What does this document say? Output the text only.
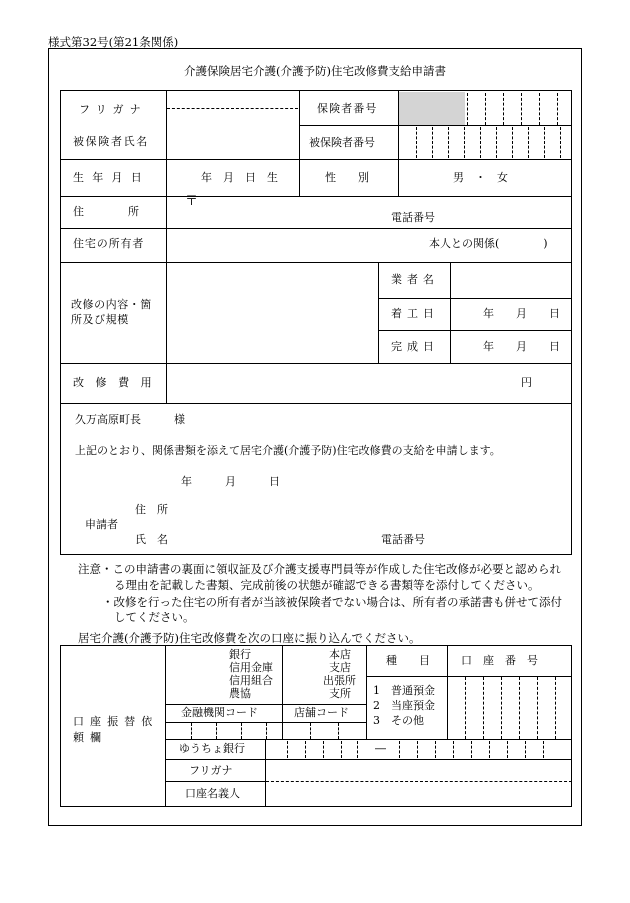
様式第32号(第21条関係)
介護保険居宅介護(介護予防)住宅改修費支給申請書
フリガナ
被保険者氏名
保険者番号
被保険者番号
生年月日	年　月　日　生	性　　別	男　・　女
住　　　　所
〒
電話番号
住宅の所有者	本人との関係(　　　　)
改修の内容・箇所及び規模
業者名
着工日	年　　月　　日
完成日	年　　月　　日
改修費用	円
久万高原町長　　　様
上記のとおり、関係書類を添えて居宅介護(介護予防)住宅改修費の支給を申請します。
年　　　月　　　日
住　所
申請者
氏　名	電話番号
注意・この申請書の裏面に領収証及び介護支援専門員等が作成した住宅改修が必要と認められ
る理由を記載した書類、完成前後の状態が確認できる書類等を添付してください。
・改修を行った住宅の所有者が当該被保険者でない場合は、所有者の承諾書も併せて添付
してください。
居宅介護(介護予防)住宅改修費を次の口座に振り込んでください。
口座振替依頼欄
銀行
信用金庫
信用組合
農協
本店
支店
出張所
支所
種　　目	口　座　番　号
1　普通預金
2　当座預金
3　その他
金融機関コード	店舗コード
ゆうちょ銀行	―
フリガナ
口座名義人
